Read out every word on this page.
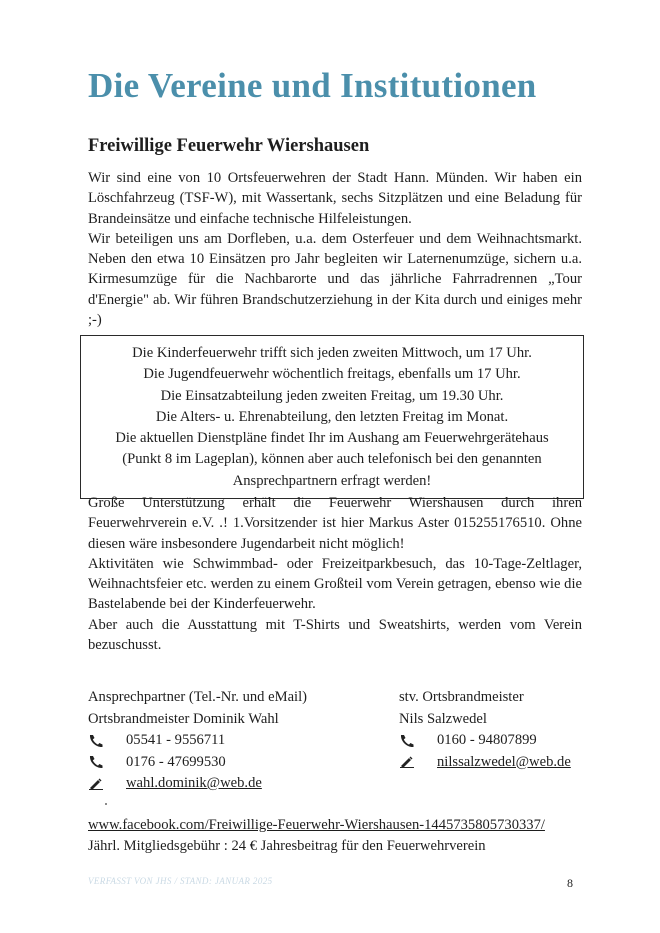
Die Vereine und Institutionen
Freiwillige Feuerwehr Wiershausen

Wir sind eine von 10 Ortsfeuerwehren der Stadt Hann. Münden. Wir haben ein Löschfahrzeug (TSF-W), mit Wassertank, sechs Sitzplätzen und eine Beladung für Brandeinsätze und einfache technische Hilfeleistungen.

Wir beteiligen uns am Dorfleben, u.a. dem Osterfeuer und dem Weihnachtsmarkt. Neben den etwa 10 Einsätzen pro Jahr begleiten wir Laternenumzüge, sichern u.a. Kirmesumzüge für die Nachbarorte und das jährliche Fahrradrennen „Tour d'Energie" ab. Wir führen Brandschutzerziehung in der Kita durch und einiges mehr ;-)

Die Kinderfeuerwehr trifft sich jeden zweiten Mittwoch, um 17 Uhr.
Die Jugendfeuerwehr wöchentlich freitags, ebenfalls um 17 Uhr.
Die Einsatzabteilung jeden zweiten Freitag, um 19.30 Uhr.
Die Alters- u. Ehrenabteilung, den letzten Freitag im Monat.
Die aktuellen Dienstpläne findet Ihr im Aushang am Feuerwehrgerätehaus
(Punkt 8 im Lageplan), können aber auch telefonisch bei den genannten
Ansprechpartnern erfragt werden!

Große Unterstützung erhält die Feuerwehr Wiershausen durch ihren Feuerwehrverein e.V. .! 1.Vorsitzender ist hier Markus Aster 01525517651​0. Ohne diesen wäre insbesondere Jugendarbeit nicht möglich!

Aktivitäten wie Schwimmbad- oder Freizeitparkbesuch, das 10-Tage-Zeltlager, Weihnachtsfeier etc. werden zu einem Großteil vom Verein getragen, ebenso wie die Bastelabende bei der Kinderfeuerwehr.

Aber auch die Ausstattung mit T-Shirts und Sweatshirts, werden vom Verein bezuschusst.

Ansprechpartner (Tel.-Nr. und eMail)
Ortsbrandmeister Dominik Wahl
05541 - 9556711
0176 - 47699530
wahl.dominik@web.de
stv. Ortsbrandmeister
Nils Salzwedel
0160 - 94807899
nilssalzwedel@web.de
www.facebook.com/Freiwillige-Feuerwehr-Wiershausen-1445735805730337/
Jährl. Mitgliedsgebühr : 24 € Jahresbeitrag für den Feuerwehrverein
VERFASST VON JHS / STAND: JANUAR 2025	8
